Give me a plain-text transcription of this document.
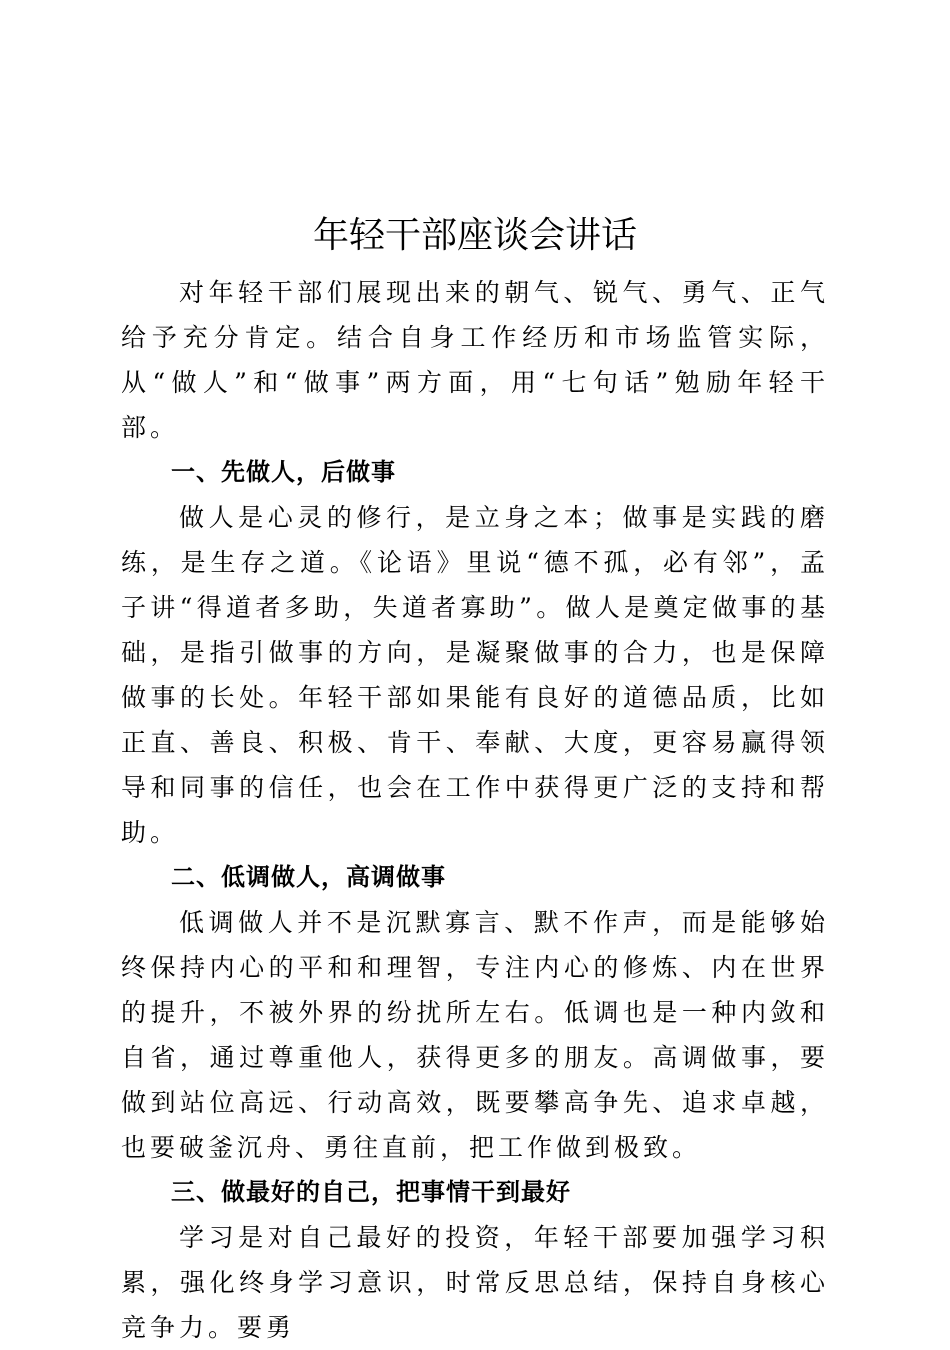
年轻干部座谈会讲话

对年轻干部们展现出来的朝气、锐气、勇气、正气给予充分肯定。结合自身工作经历和市场监管实际，从“做人”和“做事”两方面，用“七句话”勉励年轻干部。

一、先做人，后做事

做人是心灵的修行，是立身之本；做事是实践的磨练，是生存之道。《论语》里说“德不孤，必有邻”，孟子讲“得道者多助，失道者寡助”。做人是奠定做事的基础，是指引做事的方向，是凝聚做事的合力，也是保障做事的长处。年轻干部如果能有良好的道德品质，比如正直、善良、积极、肯干、奉献、大度，更容易赢得领导和同事的信任，也会在工作中获得更广泛的支持和帮助。

二、低调做人，高调做事

低调做人并不是沉默寡言、默不作声，而是能够始终保持内心的平和和理智，专注内心的修炼、内在世界的提升，不被外界的纷扰所左右。低调也是一种内敛和自省，通过尊重他人，获得更多的朋友。高调做事，要做到站位高远、行动高效，既要攀高争先、追求卓越，也要破釜沉舟、勇往直前，把工作做到极致。

三、做最好的自己，把事情干到最好

学习是对自己最好的投资，年轻干部要加强学习积累，强化终身学习意识，时常反思总结，保持自身核心竞争力。要勇
